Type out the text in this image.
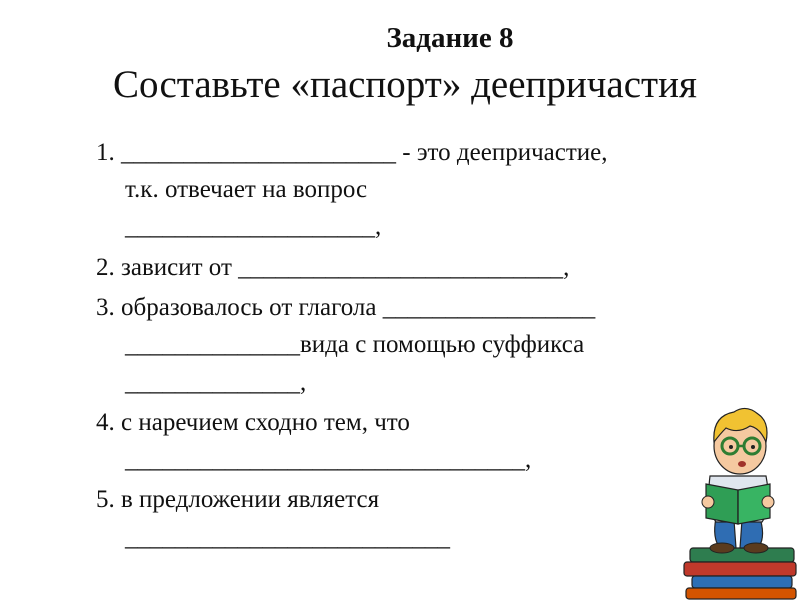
Задание 8
Составьте «паспорт» деепричастия
1. ______________________ - это деепричастие,
т.к. отвечает на вопрос
____________________,
2. зависит от __________________________,
3. образовалось от глагола _________________
______________вида с помощью суффикса
______________,
4. с наречием сходно тем, что
________________________________,
5. в предложении является
__________________________
